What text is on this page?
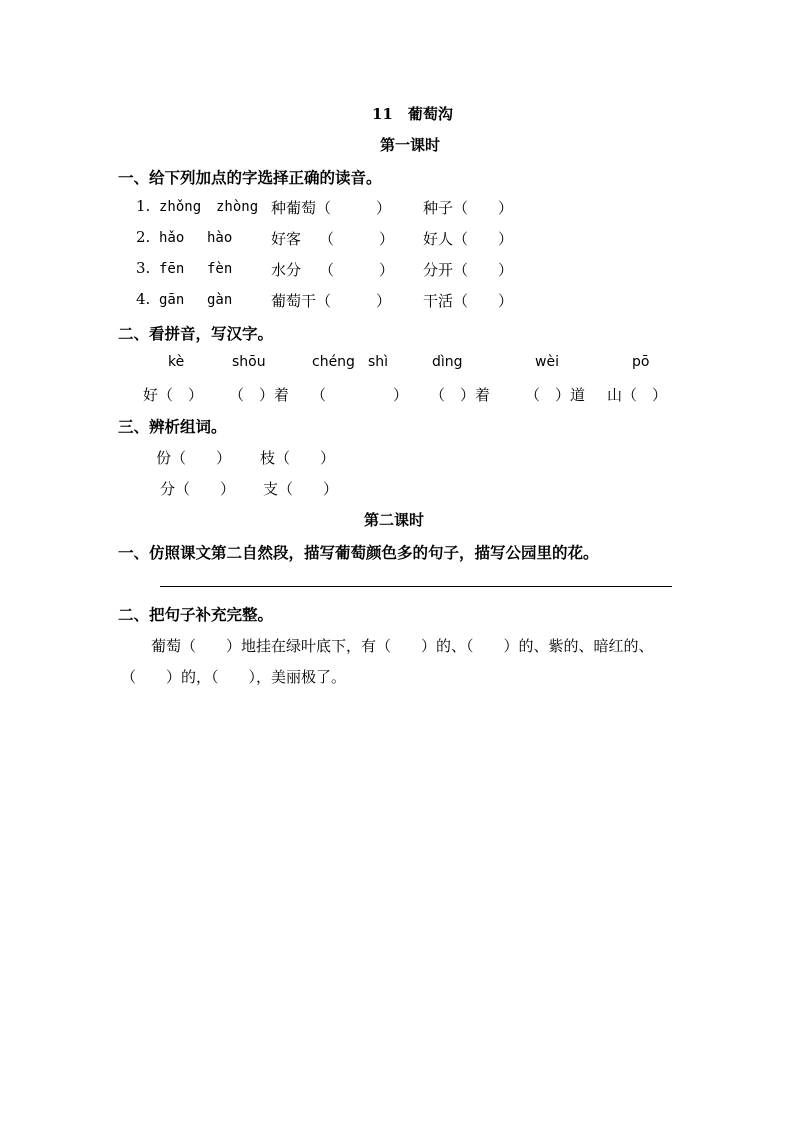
11　葡萄沟
第一课时
一、给下列加点的字选择正确的读音。
1. zhǒng zhòng 种葡萄（　　　） 种子（　　）
2. hǎo hào	好客 （　　　） 好人（　　）
3. fēn fèn	水分 （　　　） 分开（　　）
4. gān gàn	葡萄干（　　　） 干活（　　）
二、看拼音，写汉字。
kè	shōu	chéng shì	dìng	wèi	pō
好（　） （　）着 （	） （　）着 （　）道 山（　）
三、辨析组词。
份（　　） 枝（　　）
分（　　） 支（　　）
第二课时
一、仿照课文第二自然段，描写葡萄颜色多的句子，描写公园里的花。
二、把句子补充完整。
葡萄（　　）地挂在绿叶底下，有（　　）的、（　　）的、紫的、暗红的、
（　　）的，（　　），美丽极了。
